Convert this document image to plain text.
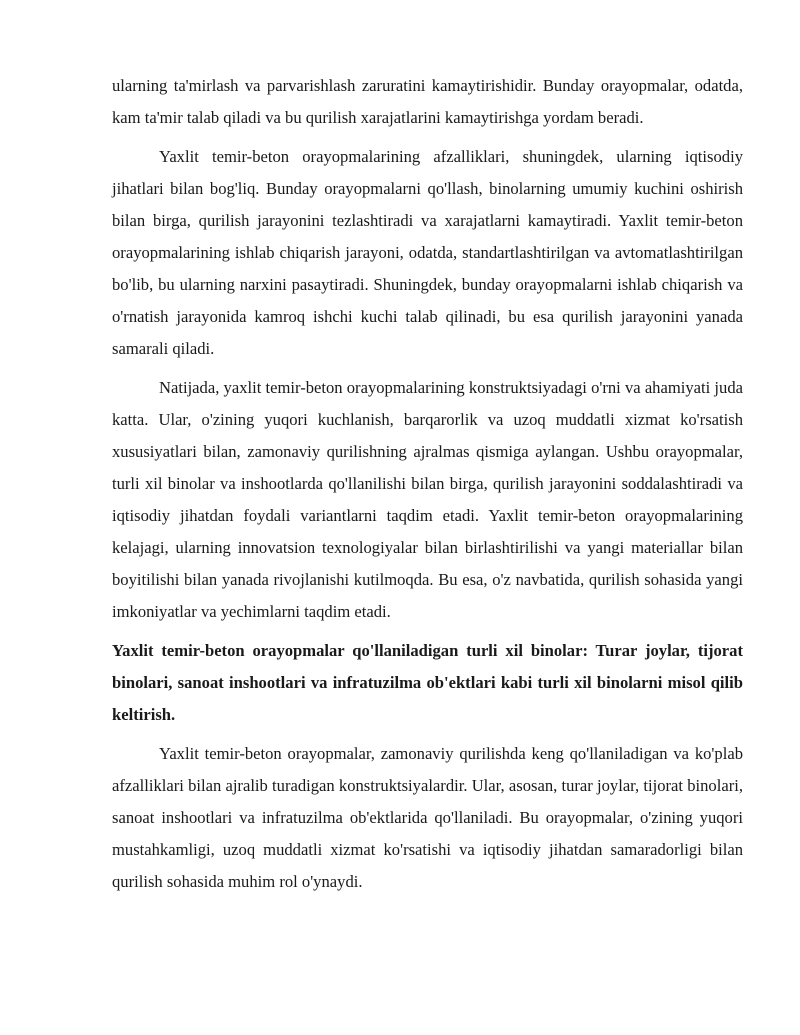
ularning ta'mirlash va parvarishlash zaruratini kamaytirishidir. Bunday orayopmalar, odatda, kam ta'mir talab qiladi va bu qurilish xarajatlarini kamaytirishga yordam beradi.

Yaxlit temir-beton orayopmalarining afzalliklari, shuningdek, ularning iqtisodiy jihatlari bilan bog'liq. Bunday orayopmalarni qo'llash, binolarning umumiy kuchini oshirish bilan birga, qurilish jarayonini tezlashtiradi va xarajatlarni kamaytiradi. Yaxlit temir-beton orayopmalarining ishlab chiqarish jarayoni, odatda, standartlashtirilgan va avtomatlashtirilgan bo'lib, bu ularning narxini pasaytiradi. Shuningdek, bunday orayopmalarni ishlab chiqarish va o'rnatish jarayonida kamroq ishchi kuchi talab qilinadi, bu esa qurilish jarayonini yanada samarali qiladi.

Natijada, yaxlit temir-beton orayopmalarining konstruktsiyadagi o'rni va ahamiyati juda katta. Ular, o'zining yuqori kuchlanish, barqarorlik va uzoq muddatli xizmat ko'rsatish xususiyatlari bilan, zamonaviy qurilishning ajralmas qismiga aylangan. Ushbu orayopmalar, turli xil binolar va inshootlarda qo'llanilishi bilan birga, qurilish jarayonini soddalashtiradi va iqtisodiy jihatdan foydali variantlarni taqdim etadi. Yaxlit temir-beton orayopmalarining kelajagi, ularning innovatsion texnologiyalar bilan birlashtirilishi va yangi materiallar bilan boyitilishi bilan yanada rivojlanishi kutilmoqda. Bu esa, o'z navbatida, qurilish sohasida yangi imkoniyatlar va yechimlarni taqdim etadi.

Yaxlit temir-beton orayopmalar qo'llaniladigan turli xil binolar: Turar joylar, tijorat binolari, sanoat inshootlari va infratuzilma ob'ektlari kabi turli xil binolarni misol qilib keltirish.

Yaxlit temir-beton orayopmalar, zamonaviy qurilishda keng qo'llaniladigan va ko'plab afzalliklari bilan ajralib turadigan konstruktsiyalardir. Ular, asosan, turar joylar, tijorat binolari, sanoat inshootlari va infratuzilma ob'ektlarida qo'llaniladi. Bu orayopmalar, o'zining yuqori mustahkamligi, uzoq muddatli xizmat ko'rsatishi va iqtisodiy jihatdan samaradorligi bilan qurilish sohasida muhim rol o'ynaydi.
